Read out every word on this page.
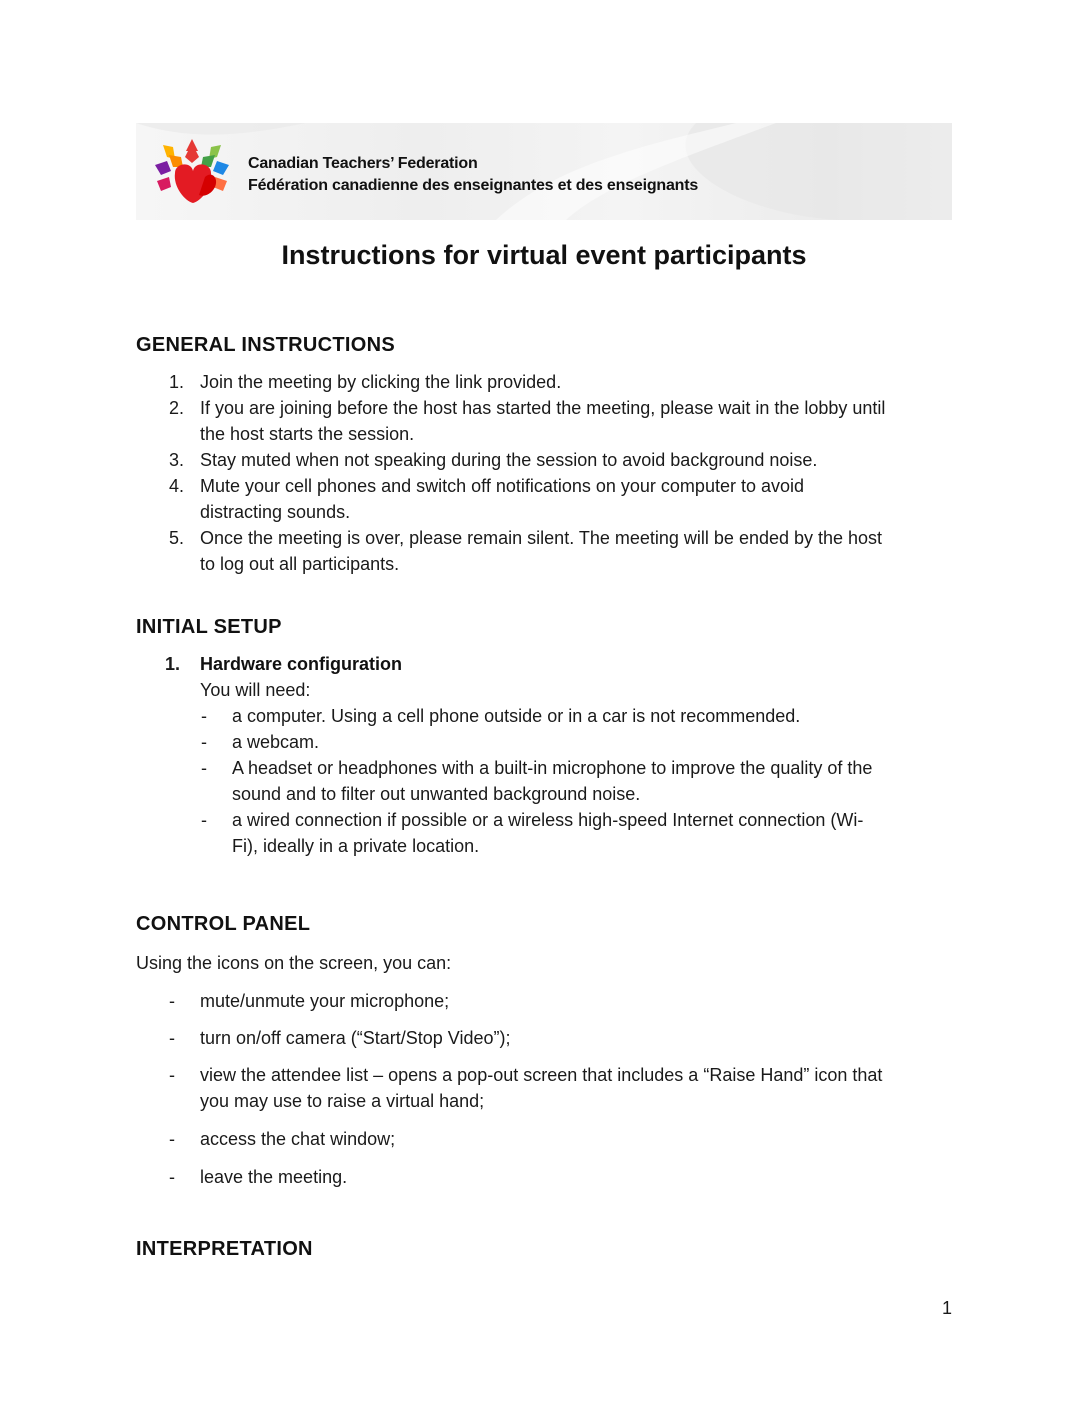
Canadian Teachers’ Federation
Fédération canadienne des enseignantes et des enseignants
Instructions for virtual event participants
GENERAL INSTRUCTIONS
1. Join the meeting by clicking the link provided.
2. If you are joining before the host has started the meeting, please wait in the lobby until
the host starts the session.
3. Stay muted when not speaking during the session to avoid background noise.
4. Mute your cell phones and switch off notifications on your computer to avoid
distracting sounds.
5. Once the meeting is over, please remain silent. The meeting will be ended by the host
to log out all participants.
INITIAL SETUP
1. Hardware configuration
You will need:
- a computer. Using a cell phone outside or in a car is not recommended.
- a webcam.
- A headset or headphones with a built-in microphone to improve the quality of the
sound and to filter out unwanted background noise.
- a wired connection if possible or a wireless high-speed Internet connection (Wi-
Fi), ideally in a private location.
CONTROL PANEL
Using the icons on the screen, you can:
- mute/unmute your microphone;
- turn on/off camera (“Start/Stop Video”);
- view the attendee list – opens a pop-out screen that includes a “Raise Hand” icon that
you may use to raise a virtual hand;
- access the chat window;
- leave the meeting.
INTERPRETATION
1
